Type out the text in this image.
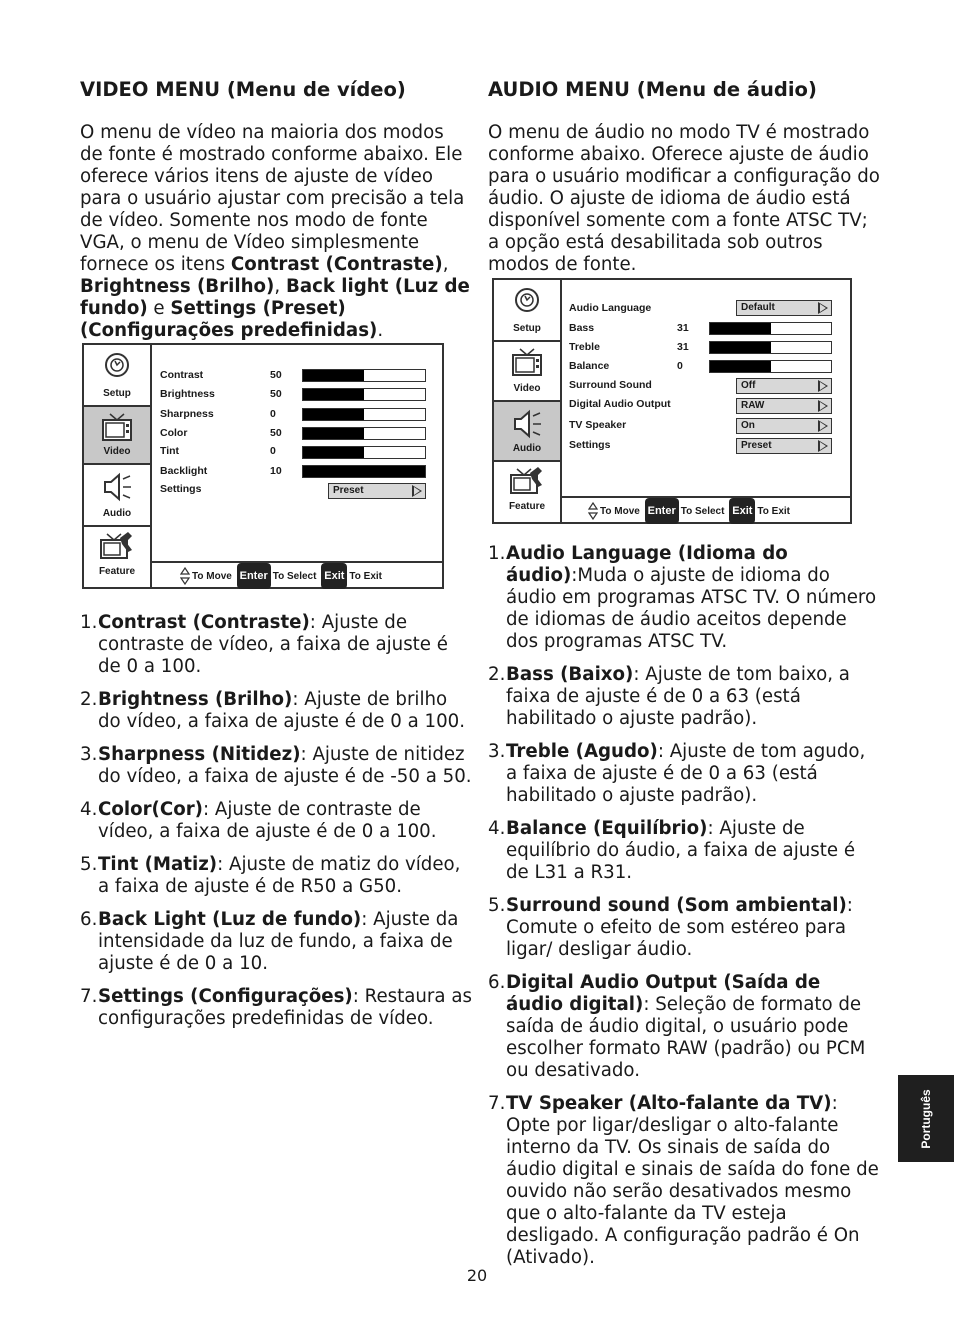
VIDEO MENU (Menu de vídeo)

O menu de vídeo na maioria dos modos de fonte é mostrado conforme abaixo. Ele oferece vários itens de ajuste de vídeo para o usuário ajustar com precisão a tela de vídeo. Somente nos modo de fonte VGA, o menu de Vídeo simplesmente fornece os itens Contrast (Contraste), Brightness (Brilho), Back light (Luz de fundo) e Settings (Preset) (Configurações predefinidas).

1. Contrast (Contraste): Ajuste de contraste de vídeo, a faixa de ajuste é de 0 a 100.
2. Brightness (Brilho): Ajuste de brilho do vídeo, a faixa de ajuste é de 0 a 100.
3. Sharpness (Nitidez): Ajuste de nitidez do vídeo, a faixa de ajuste é de -50 a 50.
4. Color(Cor): Ajuste de contraste de vídeo, a faixa de ajuste é de 0 a 100.
5. Tint (Matiz): Ajuste de matiz do vídeo, a faixa de ajuste é de R50 a G50.
6. Back Light (Luz de fundo): Ajuste da intensidade da luz de fundo, a faixa de ajuste é de 0 a 10.
7. Settings (Configurações): Restaura as configurações predefinidas de vídeo.
Setup
Video
Audio
Feature
Contrast	50
Brightness	50
Sharpness	0
Color	50
Tint	0
Backlight	10
Settings	Preset
To Move Enter To Select Exit To Exit
AUDIO MENU (Menu de áudio)

O menu de áudio no modo TV é mostrado conforme abaixo. Oferece ajuste de áudio para o usuário modificar a configuração do áudio. O ajuste de idioma de áudio está disponível somente com a fonte ATSC TV; a opção está desabilitada sob outros modos de fonte.

Setup
Video
Audio
Feature
Audio Language	Default
Bass	31
Treble	31
Balance	0
Surround Sound	Off
Digital Audio Output	RAW
TV Speaker	On
Settings	Preset
To Move Enter To Select Exit To Exit
1. Audio Language (Idioma do áudio):Muda o ajuste de idioma do áudio em programas ATSC TV. O número de idiomas de áudio aceitos depende dos programas ATSC TV.
2. Bass (Baixo): Ajuste de tom baixo, a faixa de ajuste é de 0 a 63 (está habilitado o ajuste padrão).
3. Treble (Agudo): Ajuste de tom agudo, a faixa de ajuste é de 0 a 63 (está habilitado o ajuste padrão).
4. Balance (Equilíbrio): Ajuste de equilíbrio do áudio, a faixa de ajuste é de L31 a R31.
5. Surround sound (Som ambiental): Comute o efeito de som estéreo para ligar/ desligar áudio.
6. Digital Audio Output (Saída de áudio digital): Seleção de formato de saída de áudio digital, o usuário pode escolher formato RAW (padrão) ou PCM ou desativado.
7. TV Speaker (Alto-falante da TV): Opte por ligar/desligar o alto-falante interno da TV. Os sinais de saída do áudio digital e sinais de saída do fone de ouvido não serão desativados mesmo que o alto-falante da TV esteja desligado. A configuração padrão é On (Ativado).
Português
20
